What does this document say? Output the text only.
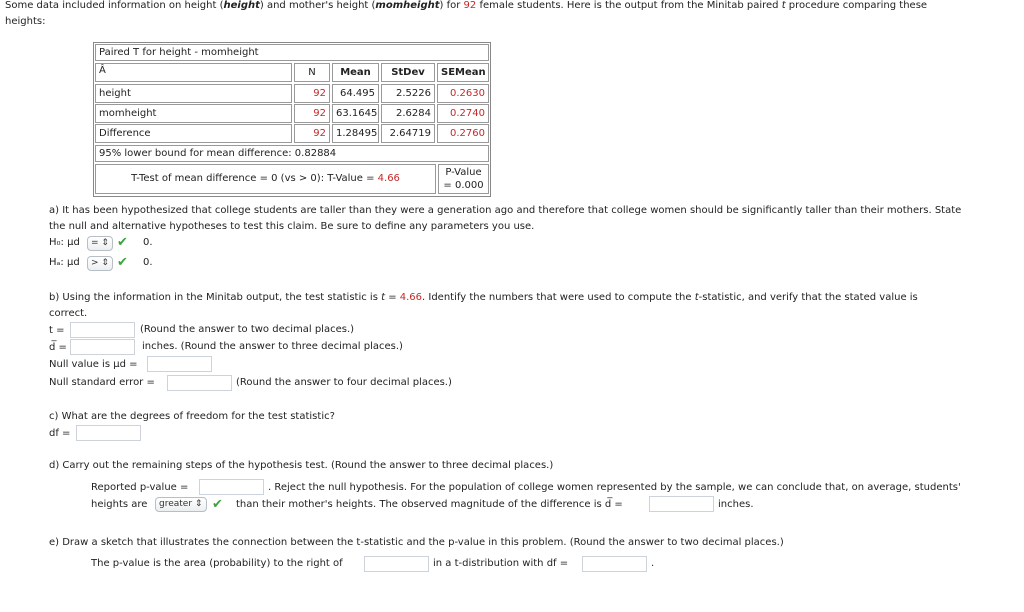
Some data included information on height (height) and mother's height (momheight) for 92 female students. Here is the output from the Minitab paired t procedure comparing these
heights:
Paired T for height - momheight
Â	N	Mean	StDev	SEMean
height	92	64.495	2.5226	0.2630
momheight	92	63.1645	2.6284	0.2740
Difference	92	1.28495	2.64719	0.2760
95% lower bound for mean difference: 0.82884
T-Test of mean difference = 0 (vs > 0): T-Value = 4.66
P-Value
= 0.000
a) It has been hypothesized that college students are taller than they were a generation ago and therefore that college women should be significantly taller than their mothers. State
the null and alternative hypotheses to test this claim. Be sure to define any parameters you use.
H₀: μd	= ⇕ ✔ 0.
Hₐ: μd	> ⇕ ✔ 0.
b) Using the information in the Minitab output, the test statistic is t = 4.66. Identify the numbers that were used to compute the t-statistic, and verify that the stated value is
correct.
t =	(Round the answer to two decimal places.)
d̅ =	inches. (Round the answer to three decimal places.)
Null value is μd =
Null standard error =	(Round the answer to four decimal places.)
c) What are the degrees of freedom for the test statistic?
df =
d) Carry out the remaining steps of the hypothesis test. (Round the answer to three decimal places.)
Reported p-value =	. Reject the null hypothesis. For the population of college women represented by the sample, we can conclude that, on average, students'
heights are	greater ⇕ ✔ than their mother's heights. The observed magnitude of the difference is d̅ =	inches.
e) Draw a sketch that illustrates the connection between the t-statistic and the p-value in this problem. (Round the answer to two decimal places.)
The p-value is the area (probability) to the right of	in a t-distribution with df =	.
